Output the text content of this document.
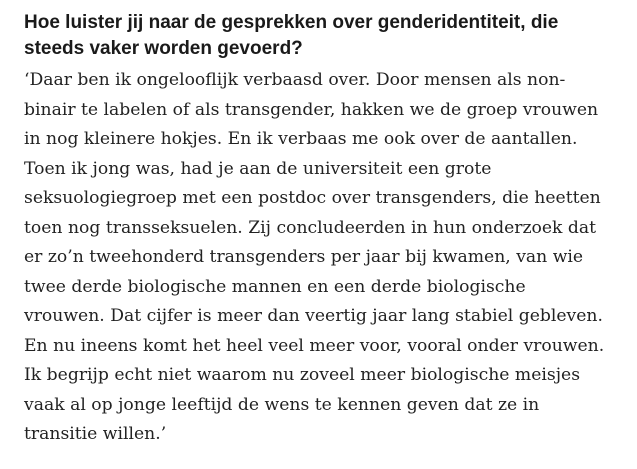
Hoe luister jij naar de gesprekken over genderidentiteit, die
steeds vaker worden gevoerd?

‘Daar ben ik ongelooflijk verbaasd over. Door mensen als non-
binair te labelen of als transgender, hakken we de groep vrouwen
in nog kleinere hokjes. En ik verbaas me ook over de aantallen.
Toen ik jong was, had je aan de universiteit een grote
seksuologiegroep met een postdoc over transgenders, die heetten
toen nog transseksuelen. Zij concludeerden in hun onderzoek dat
er zo’n tweehonderd transgenders per jaar bij kwamen, van wie
twee derde biologische mannen en een derde biologische
vrouwen. Dat cijfer is meer dan veertig jaar lang stabiel gebleven.
En nu ineens komt het heel veel meer voor, vooral onder vrouwen.
Ik begrijp echt niet waarom nu zoveel meer biologische meisjes
vaak al op jonge leeftijd de wens te kennen geven dat ze in
transitie willen.’
